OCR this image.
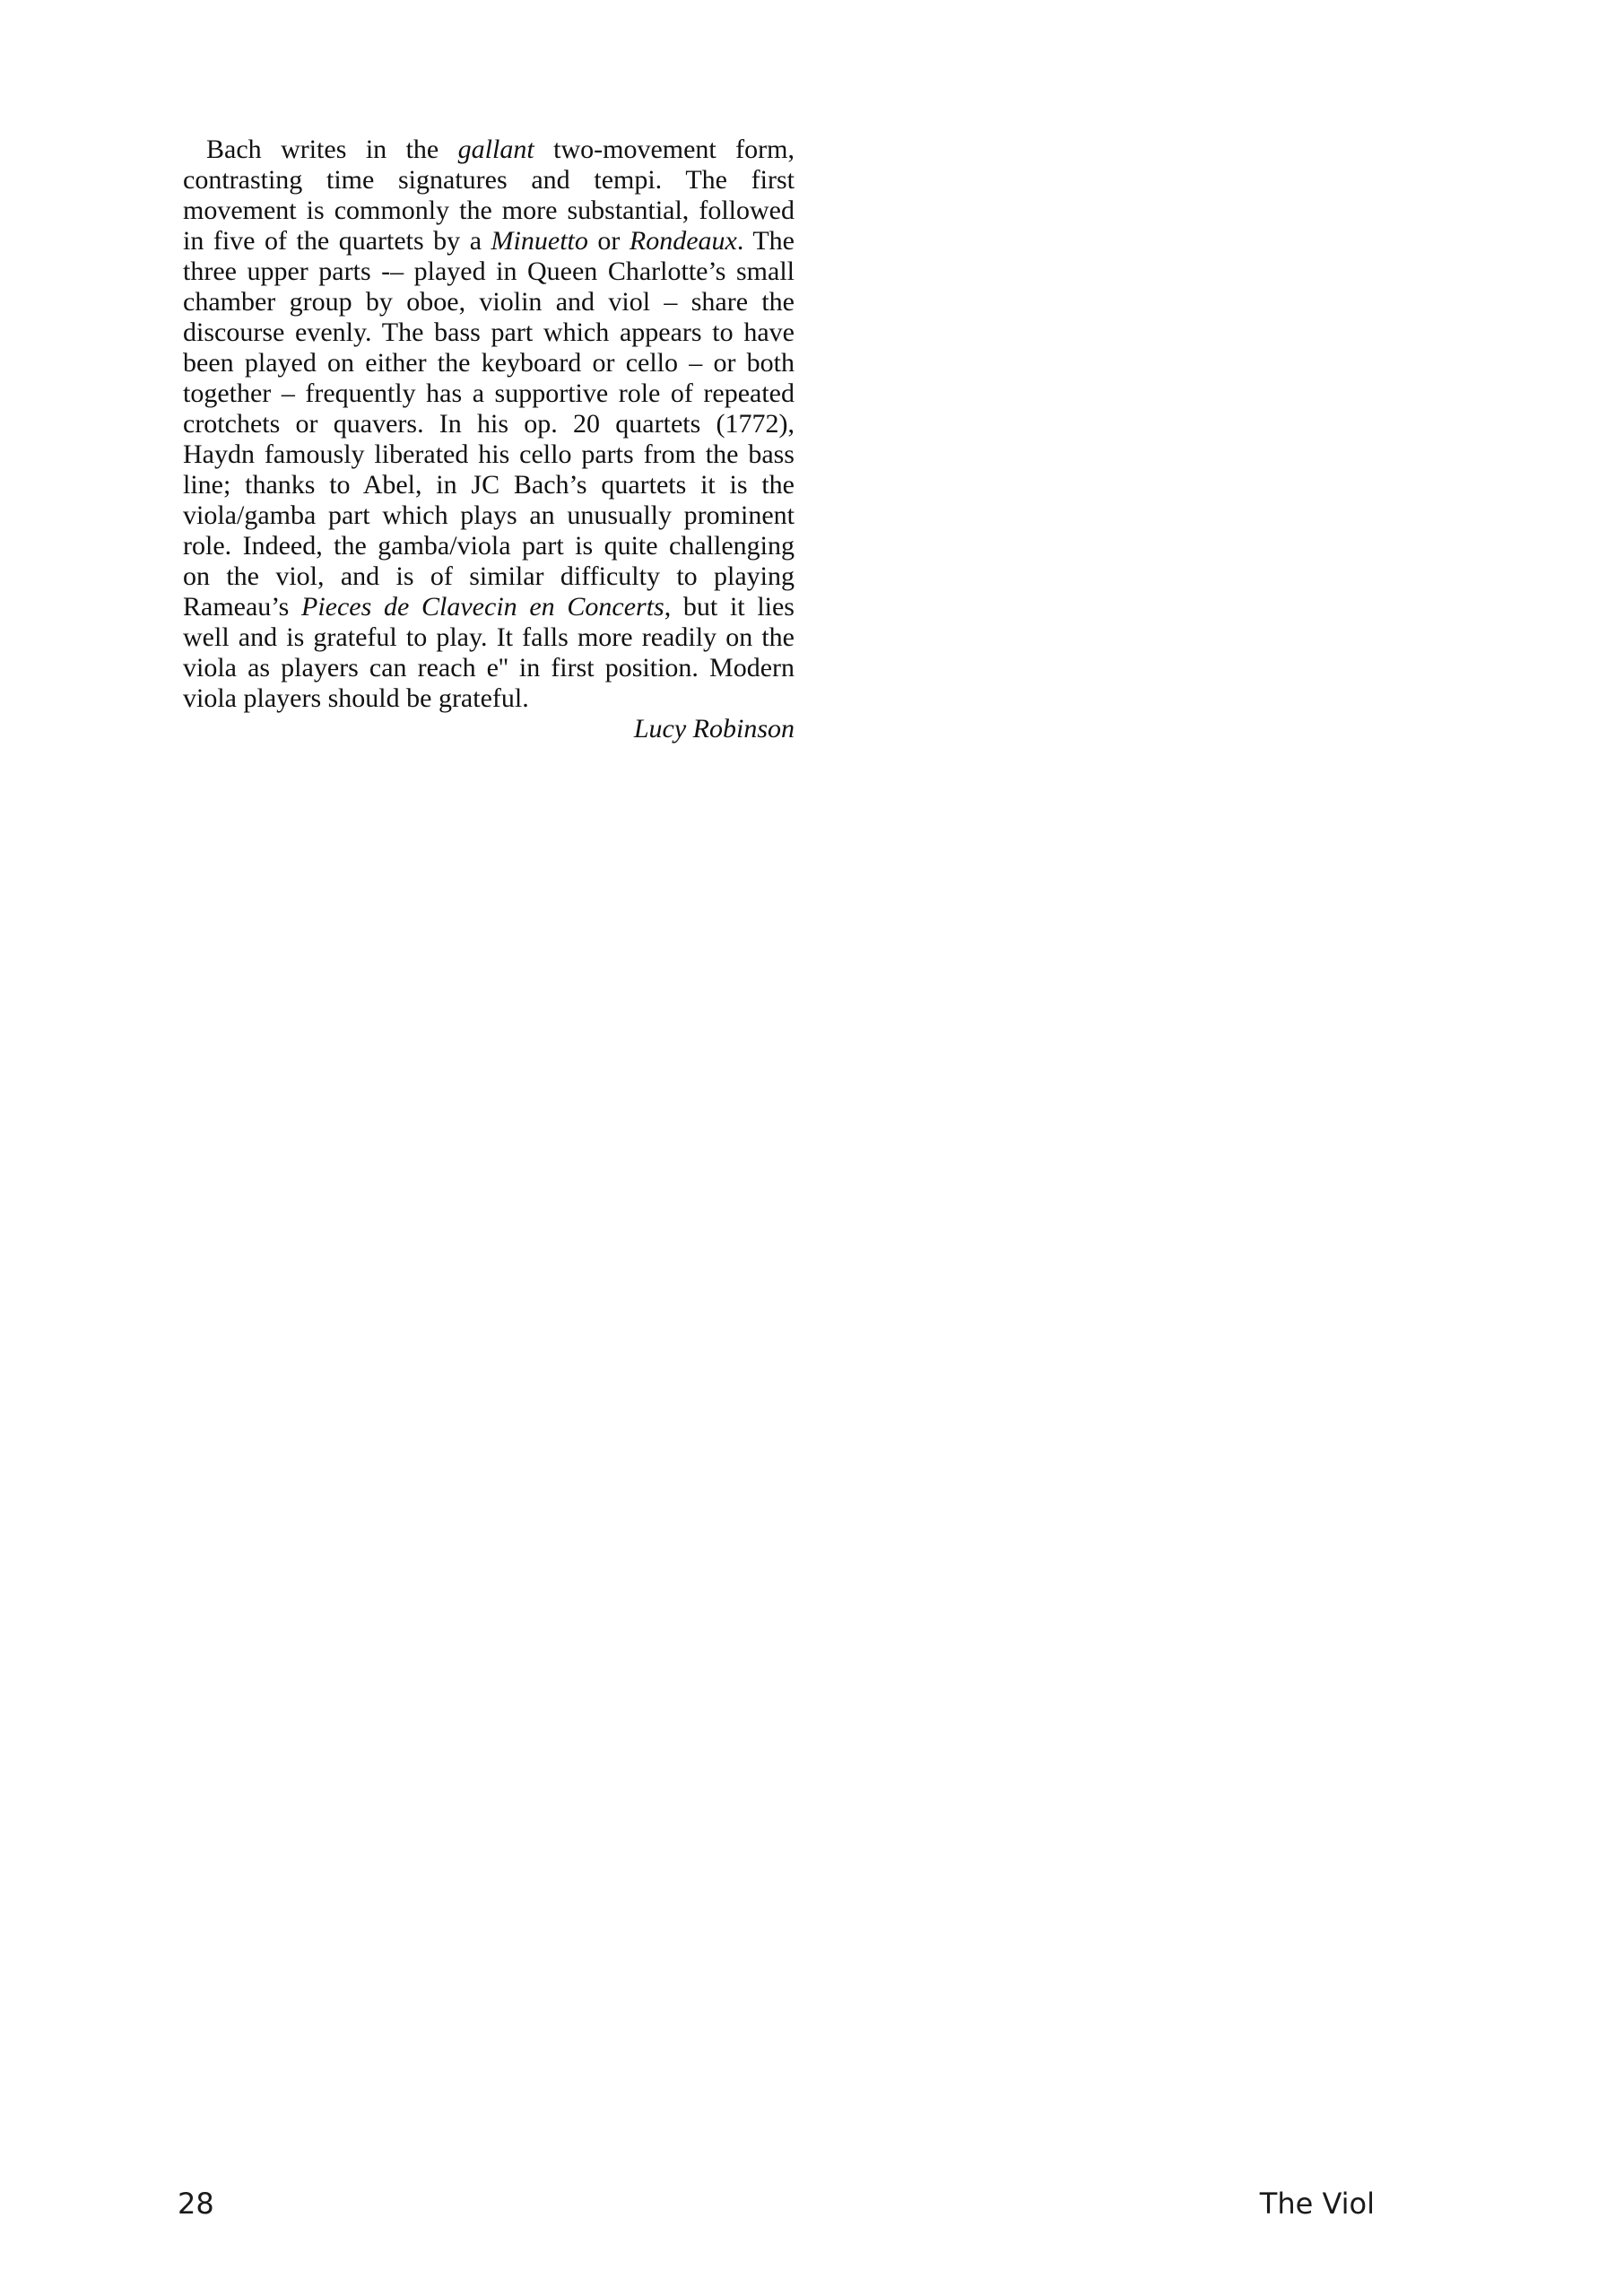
Bach writes in the gallant two-movement form, contrasting time signatures and tempi. The first movement is commonly the more substantial, followed in five of the quartets by a Minuetto or Rondeaux. The three upper parts -– played in Queen Charlotte’s small chamber group by oboe, violin and viol – share the discourse evenly. The bass part which appears to have been played on either the keyboard or cello – or both together – frequently has a supportive role of repeated crotchets or quavers. In his op. 20 quartets (1772), Haydn famously liberated his cello parts from the bass line; thanks to Abel, in JC Bach’s quartets it is the viola/gamba part which plays an unusually prominent role. Indeed, the gamba/viola part is quite challenging on the viol, and is of similar difficulty to playing Rameau’s Pieces de Clavecin en Concerts, but it lies well and is grateful to play. It falls more readily on the viola as players can reach e'' in first position. Modern viola players should be grateful.

Lucy Robinson

28	The Viol
